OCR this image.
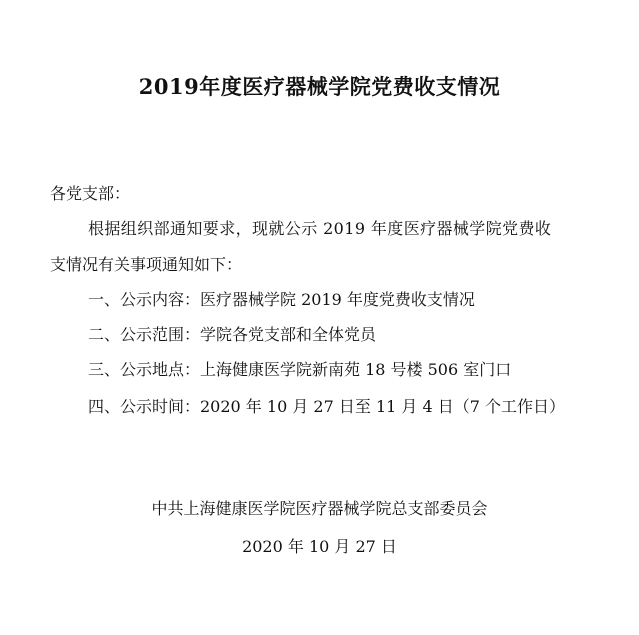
2019年度医疗器械学院党费收支情况
各党支部：
根据组织部通知要求，现就公示 2019 年度医疗器械学院党费收
支情况有关事项通知如下：
一、公示内容：医疗器械学院 2019 年度党费收支情况
二、公示范围：学院各党支部和全体党员
三、公示地点：上海健康医学院新南苑 18 号楼 506 室门口
四、公示时间：2020 年 10 月 27 日至 11 月 4 日（7 个工作日）
中共上海健康医学院医疗器械学院总支部委员会
2020 年 10 月 27 日
